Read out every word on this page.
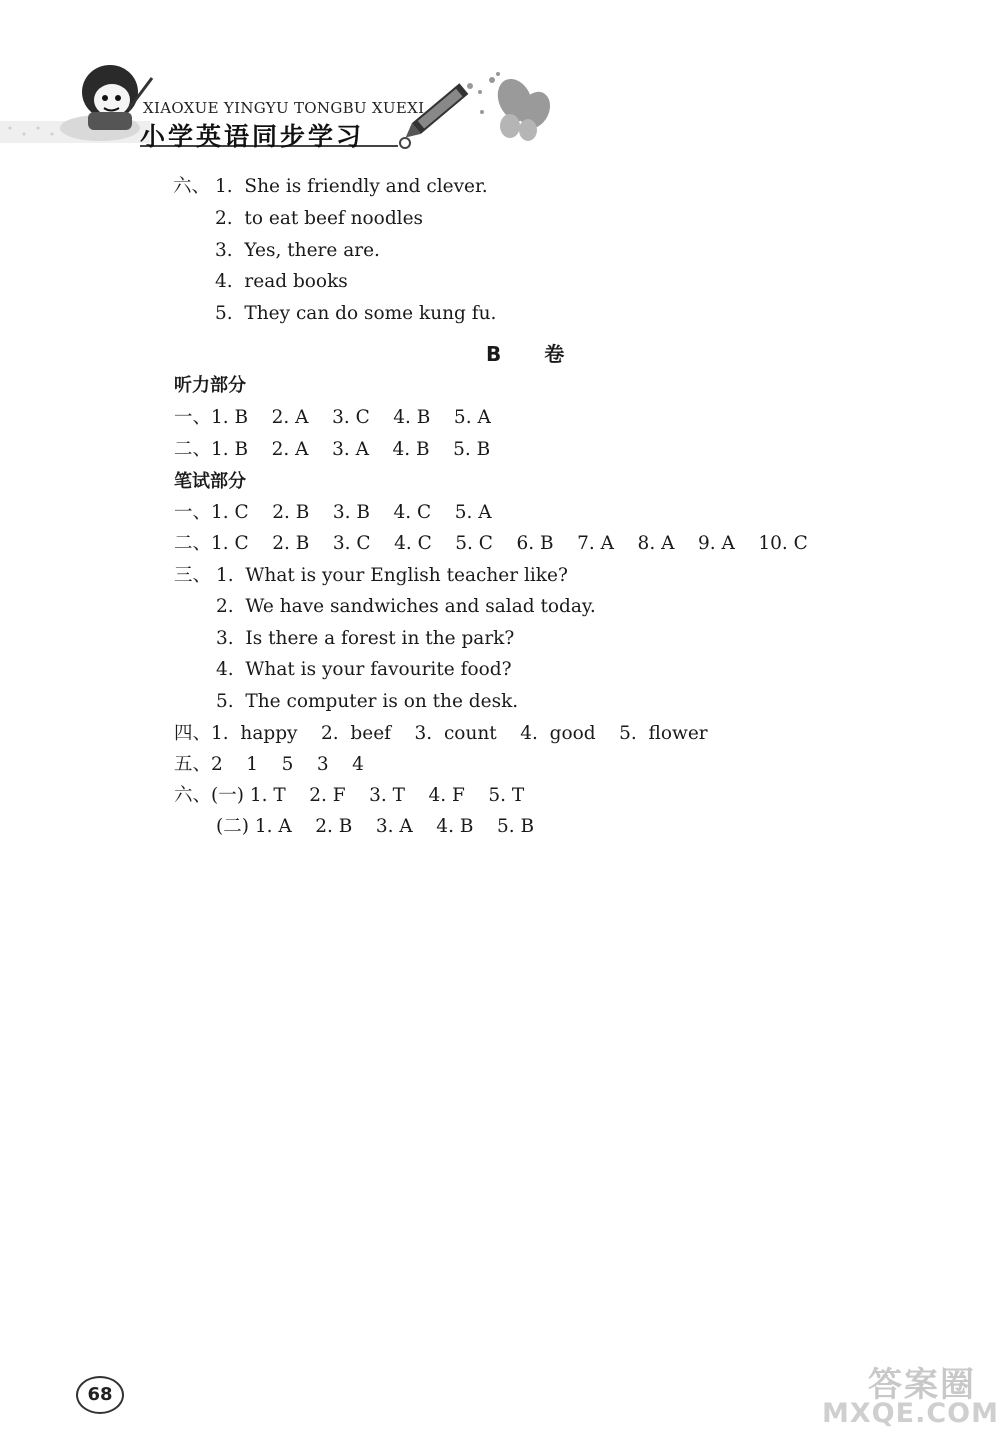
XIAOXUE YINGYU TONGBU XUEXI
小学英语同步学习
六、 1.  She is friendly and clever.
2.  to eat beef noodles
3.  Yes, there are.
4.  read books
5.  They can do some kung fu.
B 卷
听力部分
一、1. B    2. A    3. C    4. B    5. A
二、1. B    2. A    3. A    4. B    5. B
笔试部分
一、1. C    2. B    3. B    4. C    5. A
二、1. C    2. B    3. C    4. C    5. C    6. B    7. A    8. A    9. A    10. C
三、 1.  What is your English teacher like?
2.  We have sandwiches and salad today.
3.  Is there a forest in the park?
4.  What is your favourite food?
5.  The computer is on the desk.
四、1.  happy    2.  beef    3.  count    4.  good    5.  flower
五、2    1    5    3    4
六、(一) 1. T    2. F    3. T    4. F    5. T
(二) 1. A    2. B    3. A    4. B    5. B
68	答案圈
MXQE.COM
